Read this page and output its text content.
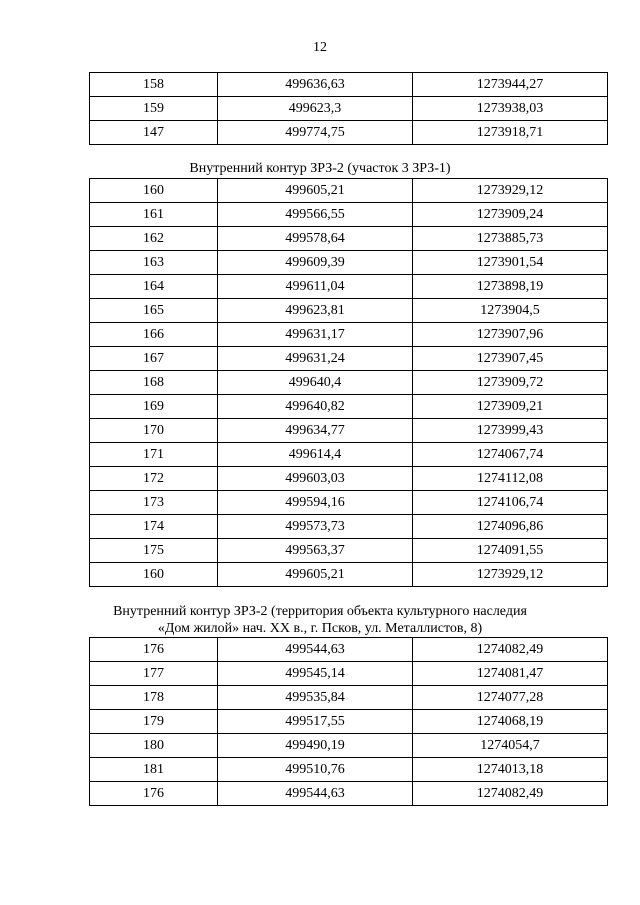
12
158	499636,63	1273944,27
159	499623,3	1273938,03
147	499774,75	1273918,71
Внутренний контур ЗРЗ-2 (участок 3 ЗРЗ-1)
160	499605,21	1273929,12
161	499566,55	1273909,24
162	499578,64	1273885,73
163	499609,39	1273901,54
164	499611,04	1273898,19
165	499623,81	1273904,5
166	499631,17	1273907,96
167	499631,24	1273907,45
168	499640,4	1273909,72
169	499640,82	1273909,21
170	499634,77	1273999,43
171	499614,4	1274067,74
172	499603,03	1274112,08
173	499594,16	1274106,74
174	499573,73	1274096,86
175	499563,37	1274091,55
160	499605,21	1273929,12
Внутренний контур ЗРЗ-2 (территория объекта культурного наследия
«Дом жилой» нач. XX в., г. Псков, ул. Металлистов, 8)
176	499544,63	1274082,49
177	499545,14	1274081,47
178	499535,84	1274077,28
179	499517,55	1274068,19
180	499490,19	1274054,7
181	499510,76	1274013,18
176	499544,63	1274082,49
